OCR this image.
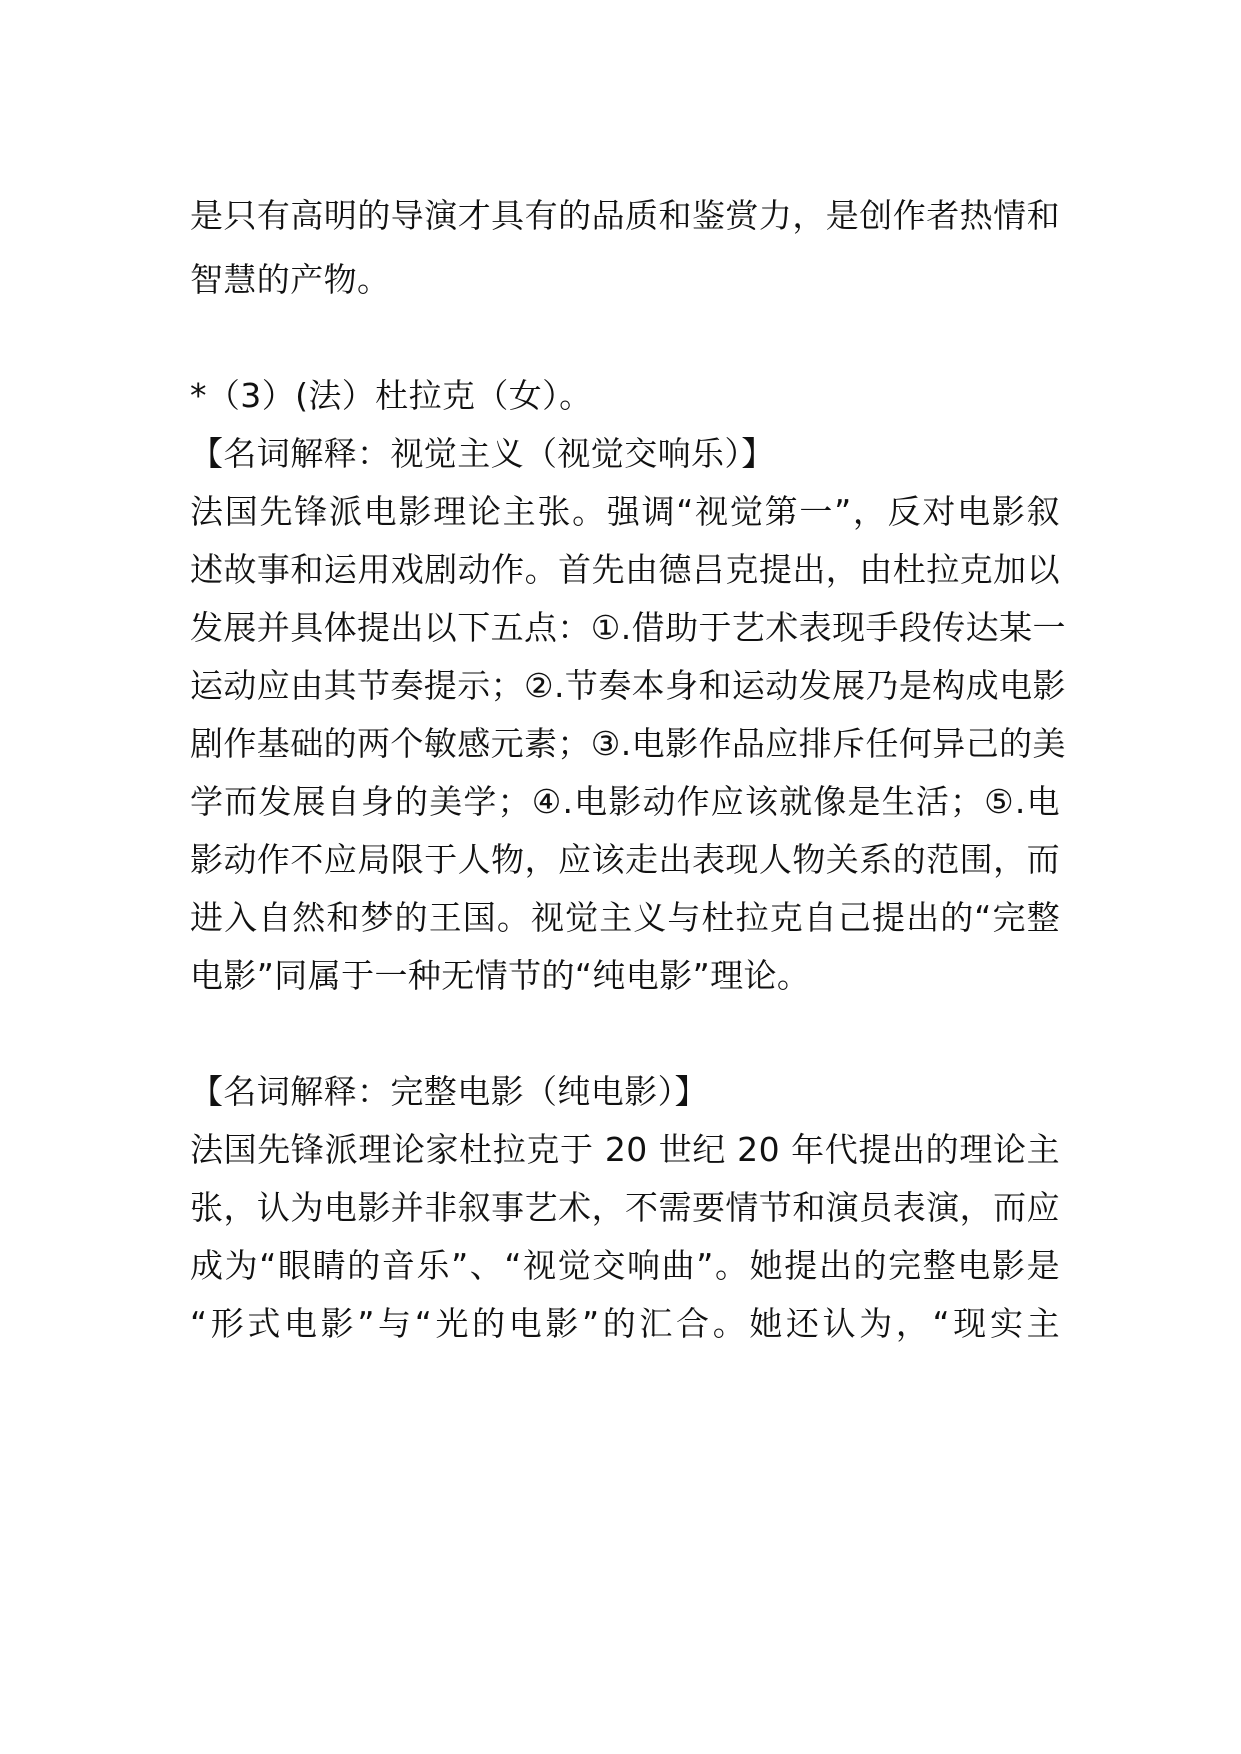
是只有高明的导演才具有的品质和鉴赏力，是创作者热情和
智慧的产物。
*（3）(法）杜拉克（女）。
【名词解释：视觉主义（视觉交响乐）】
法国先锋派电影理论主张。强调“视觉第一”，反对电影叙
述故事和运用戏剧动作。首先由德吕克提出，由杜拉克加以
发展并具体提出以下五点：①.借助于艺术表现手段传达某一
运动应由其节奏提示；②.节奏本身和运动发展乃是构成电影
剧作基础的两个敏感元素；③.电影作品应排斥任何异己的美
学而发展自身的美学；④.电影动作应该就像是生活；⑤.电
影动作不应局限于人物，应该走出表现人物关系的范围，而
进入自然和梦的王国。视觉主义与杜拉克自己提出的“完整
电影”同属于一种无情节的“纯电影”理论。
【名词解释：完整电影（纯电影）】
法国先锋派理论家杜拉克于 20 世纪 20 年代提出的理论主
张，认为电影并非叙事艺术，不需要情节和演员表演，而应
成为“眼睛的音乐”、“视觉交响曲”。她提出的完整电影是
“形式电影”与“光的电影”的汇合。她还认为，“现实主
